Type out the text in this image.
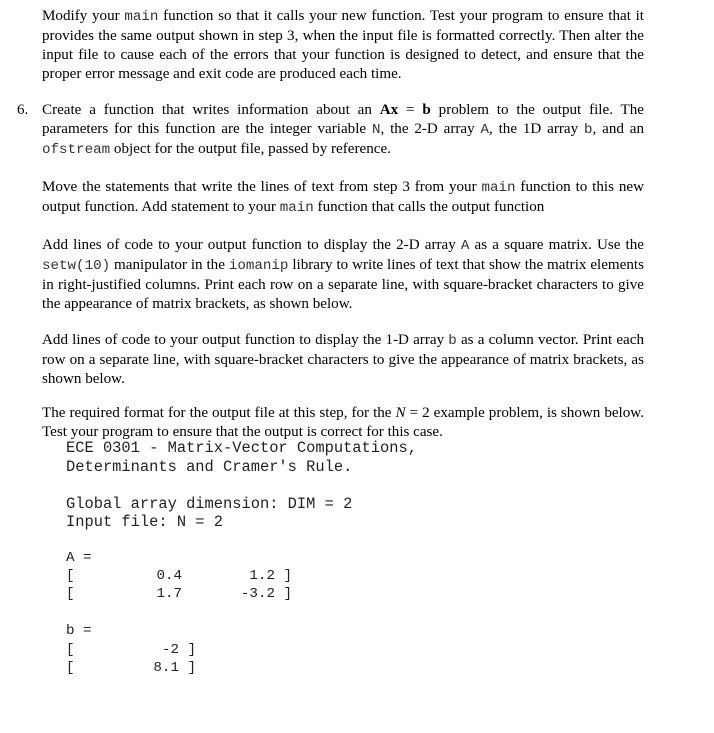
Modify your main function so that it calls your new function. Test your program to ensure that it provides the same output shown in step 3, when the input file is formatted correctly. Then alter the input file to cause each of the errors that your function is designed to detect, and ensure that the proper error message and exit code are produced each time.
6. Create a function that writes information about an Ax = b problem to the output file. The parameters for this function are the integer variable N, the 2-D array A, the 1D array b, and an ofstream object for the output file, passed by reference.
Move the statements that write the lines of text from step 3 from your main function to this new output function. Add statement to your main function that calls the output function
Add lines of code to your output function to display the 2-D array A as a square matrix. Use the setw(10) manipulator in the iomanip library to write lines of text that show the matrix elements in right-justified columns. Print each row on a separate line, with square-bracket characters to give the appearance of matrix brackets, as shown below.
Add lines of code to your output function to display the 1-D array b as a column vector. Print each row on a separate line, with square-bracket characters to give the appearance of matrix brackets, as shown below.
The required format for the output file at this step, for the N = 2 example problem, is shown below. Test your program to ensure that the output is correct for this case.
ECE 0301 - Matrix-Vector Computations,
Determinants and Cramer's Rule.
Global array dimension: DIM = 2
Input file: N = 2
A =
[	0.4	1.2 ]
[	1.7	-3.2 ]
b =
[	-2 ]
[	8.1 ]
